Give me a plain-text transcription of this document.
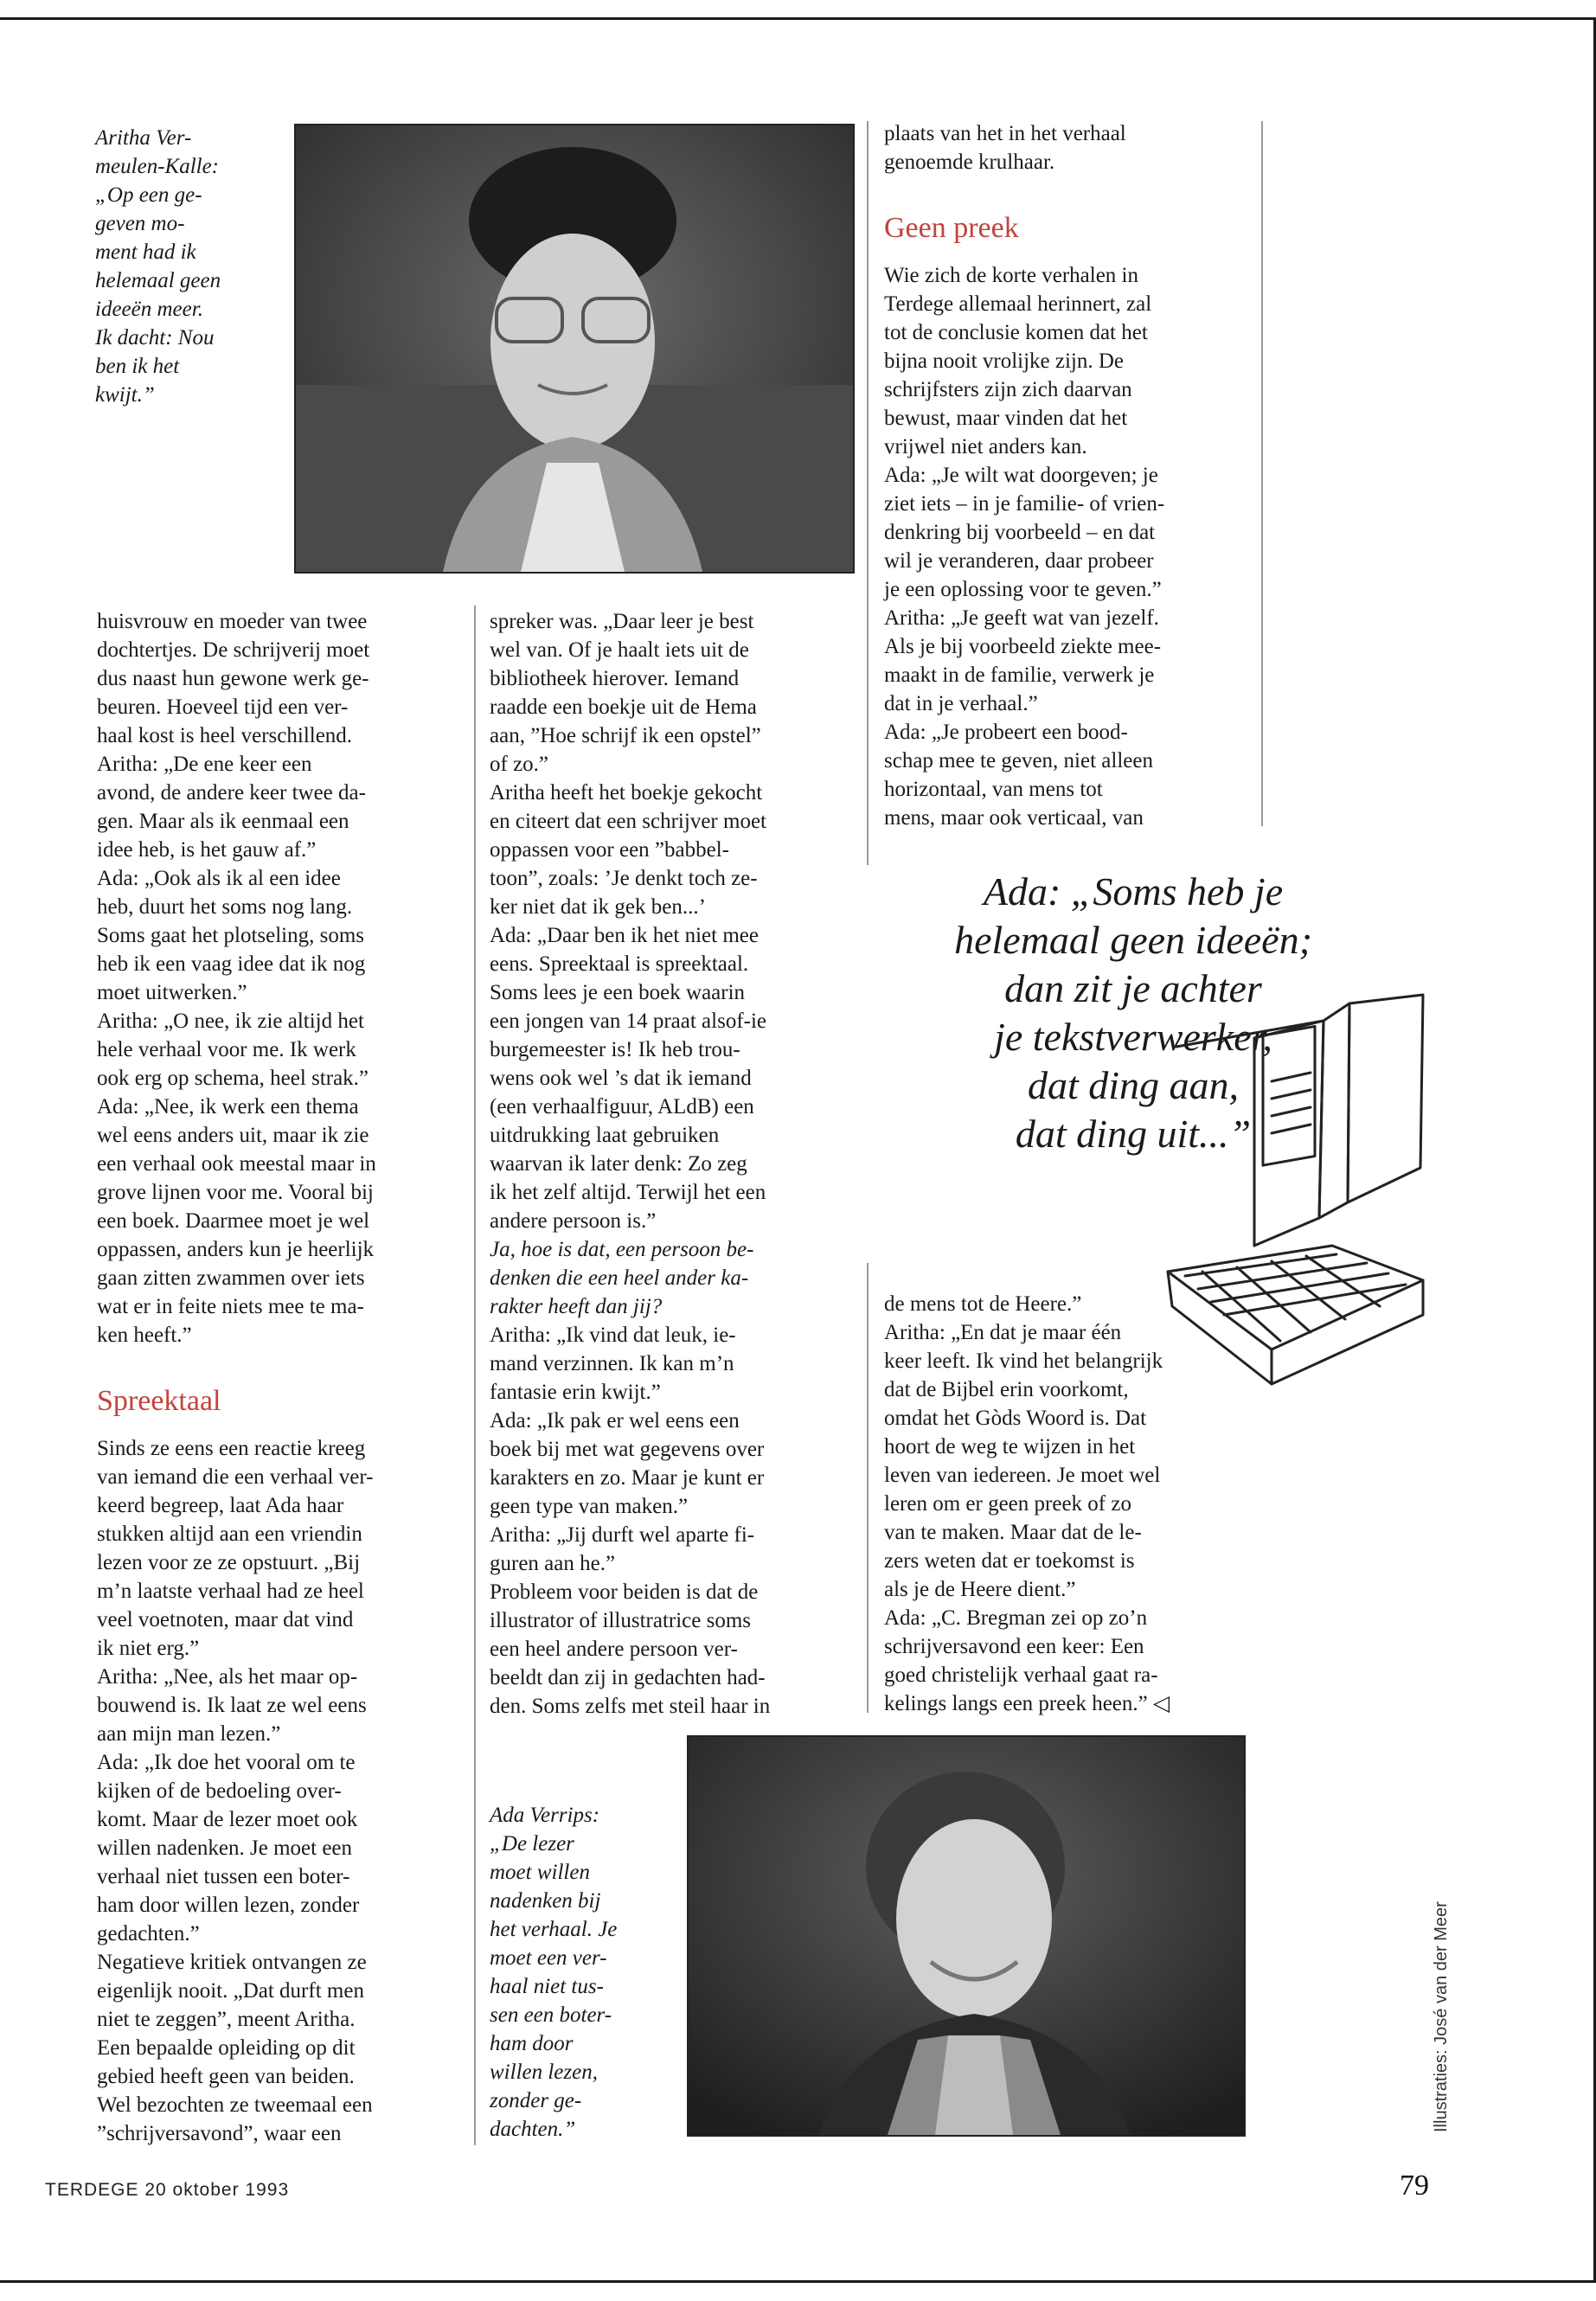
Aritha Ver-
meulen-Kalle:
„Op een ge-
geven mo-
ment had ik
helemaal geen
ideeën meer.
Ik dacht: Nou
ben ik het
kwijt.”

plaats van het in het verhaal
genoemde krulhaar.

Geen preek

Wie zich de korte verhalen in
Terdege allemaal herinnert, zal
tot de conclusie komen dat het
bijna nooit vrolijke zijn. De
schrijfsters zijn zich daarvan
bewust, maar vinden dat het
vrijwel niet anders kan.
Ada: „Je wilt wat doorgeven; je
ziet iets – in je familie- of vrien-
denkring bij voorbeeld – en dat
wil je veranderen, daar probeer
je een oplossing voor te geven.”
Aritha: „Je geeft wat van jezelf.
Als je bij voorbeeld ziekte mee-
maakt in de familie, verwerk je
dat in je verhaal.”
Ada: „Je probeert een bood-
schap mee te geven, niet alleen
horizontaal, van mens tot
mens, maar ook verticaal, van

Ada: „Soms heb je
helemaal geen ideeën;
dan zit je achter
je tekstverwerker,
dat ding aan,
dat ding uit...”

huisvrouw en moeder van twee
dochtertjes. De schrijverij moet
dus naast hun gewone werk ge-
beuren. Hoeveel tijd een ver-
haal kost is heel verschillend.
Aritha: „De ene keer een
avond, de andere keer twee da-
gen. Maar als ik eenmaal een
idee heb, is het gauw af.”
Ada: „Ook als ik al een idee
heb, duurt het soms nog lang.
Soms gaat het plotseling, soms
heb ik een vaag idee dat ik nog
moet uitwerken.”
Aritha: „O nee, ik zie altijd het
hele verhaal voor me. Ik werk
ook erg op schema, heel strak.”
Ada: „Nee, ik werk een thema
wel eens anders uit, maar ik zie
een verhaal ook meestal maar in
grove lijnen voor me. Vooral bij
een boek. Daarmee moet je wel
oppassen, anders kun je heerlijk
gaan zitten zwammen over iets
wat er in feite niets mee te ma-
ken heeft.”

Spreektaal

Sinds ze eens een reactie kreeg
van iemand die een verhaal ver-
keerd begreep, laat Ada haar
stukken altijd aan een vriendin
lezen voor ze ze opstuurt. „Bij
m’n laatste verhaal had ze heel
veel voetnoten, maar dat vind
ik niet erg.”
Aritha: „Nee, als het maar op-
bouwend is. Ik laat ze wel eens
aan mijn man lezen.”
Ada: „Ik doe het vooral om te
kijken of de bedoeling over-
komt. Maar de lezer moet ook
willen nadenken. Je moet een
verhaal niet tussen een boter-
ham door willen lezen, zonder
gedachten.”
Negatieve kritiek ontvangen ze
eigenlijk nooit. „Dat durft men
niet te zeggen”, meent Aritha.
Een bepaalde opleiding op dit
gebied heeft geen van beiden.
Wel bezochten ze tweemaal een
”schrijversavond”, waar een

spreker was. „Daar leer je best
wel van. Of je haalt iets uit de
bibliotheek hierover. Iemand
raadde een boekje uit de Hema
aan, ”Hoe schrijf ik een opstel”
of zo.”
Aritha heeft het boekje gekocht
en citeert dat een schrijver moet
oppassen voor een ”babbel-
toon”, zoals: ’Je denkt toch ze-
ker niet dat ik gek ben...’
Ada: „Daar ben ik het niet mee
eens. Spreektaal is spreektaal.
Soms lees je een boek waarin
een jongen van 14 praat alsof-ie
burgemeester is! Ik heb trou-
wens ook wel ’s dat ik iemand
(een verhaalfiguur, ALdB) een
uitdrukking laat gebruiken
waarvan ik later denk: Zo zeg
ik het zelf altijd. Terwijl het een
andere persoon is.”

Ja, hoe is dat, een persoon be-
denken die een heel ander ka-
rakter heeft dan jij?

Aritha: „Ik vind dat leuk, ie-
mand verzinnen. Ik kan m’n
fantasie erin kwijt.”
Ada: „Ik pak er wel eens een
boek bij met wat gegevens over
karakters en zo. Maar je kunt er
geen type van maken.”
Aritha: „Jij durft wel aparte fi-
guren aan he.”
Probleem voor beiden is dat de
illustrator of illustratrice soms
een heel andere persoon ver-
beeldt dan zij in gedachten had-
den. Soms zelfs met steil haar in

de mens tot de Heere.”
Aritha: „En dat je maar één
keer leeft. Ik vind het belangrijk
dat de Bijbel erin voorkomt,
omdat het Gòds Woord is. Dat
hoort de weg te wijzen in het
leven van iedereen. Je moet wel
leren om er geen preek of zo
van te maken. Maar dat de le-
zers weten dat er toekomst is
als je de Heere dient.”
Ada: „C. Bregman zei op zo’n
schrijversavond een keer: Een
goed christelijk verhaal gaat ra-
kelings langs een preek heen.” ◁

Ada Verrips:
„De lezer
moet willen
nadenken bij
het verhaal. Je
moet een ver-
haal niet tus-
sen een boter-
ham door
willen lezen,
zonder ge-
dachten.”	Illustraties: José van der Meer
TERDEGE 20 oktober 1993	79
